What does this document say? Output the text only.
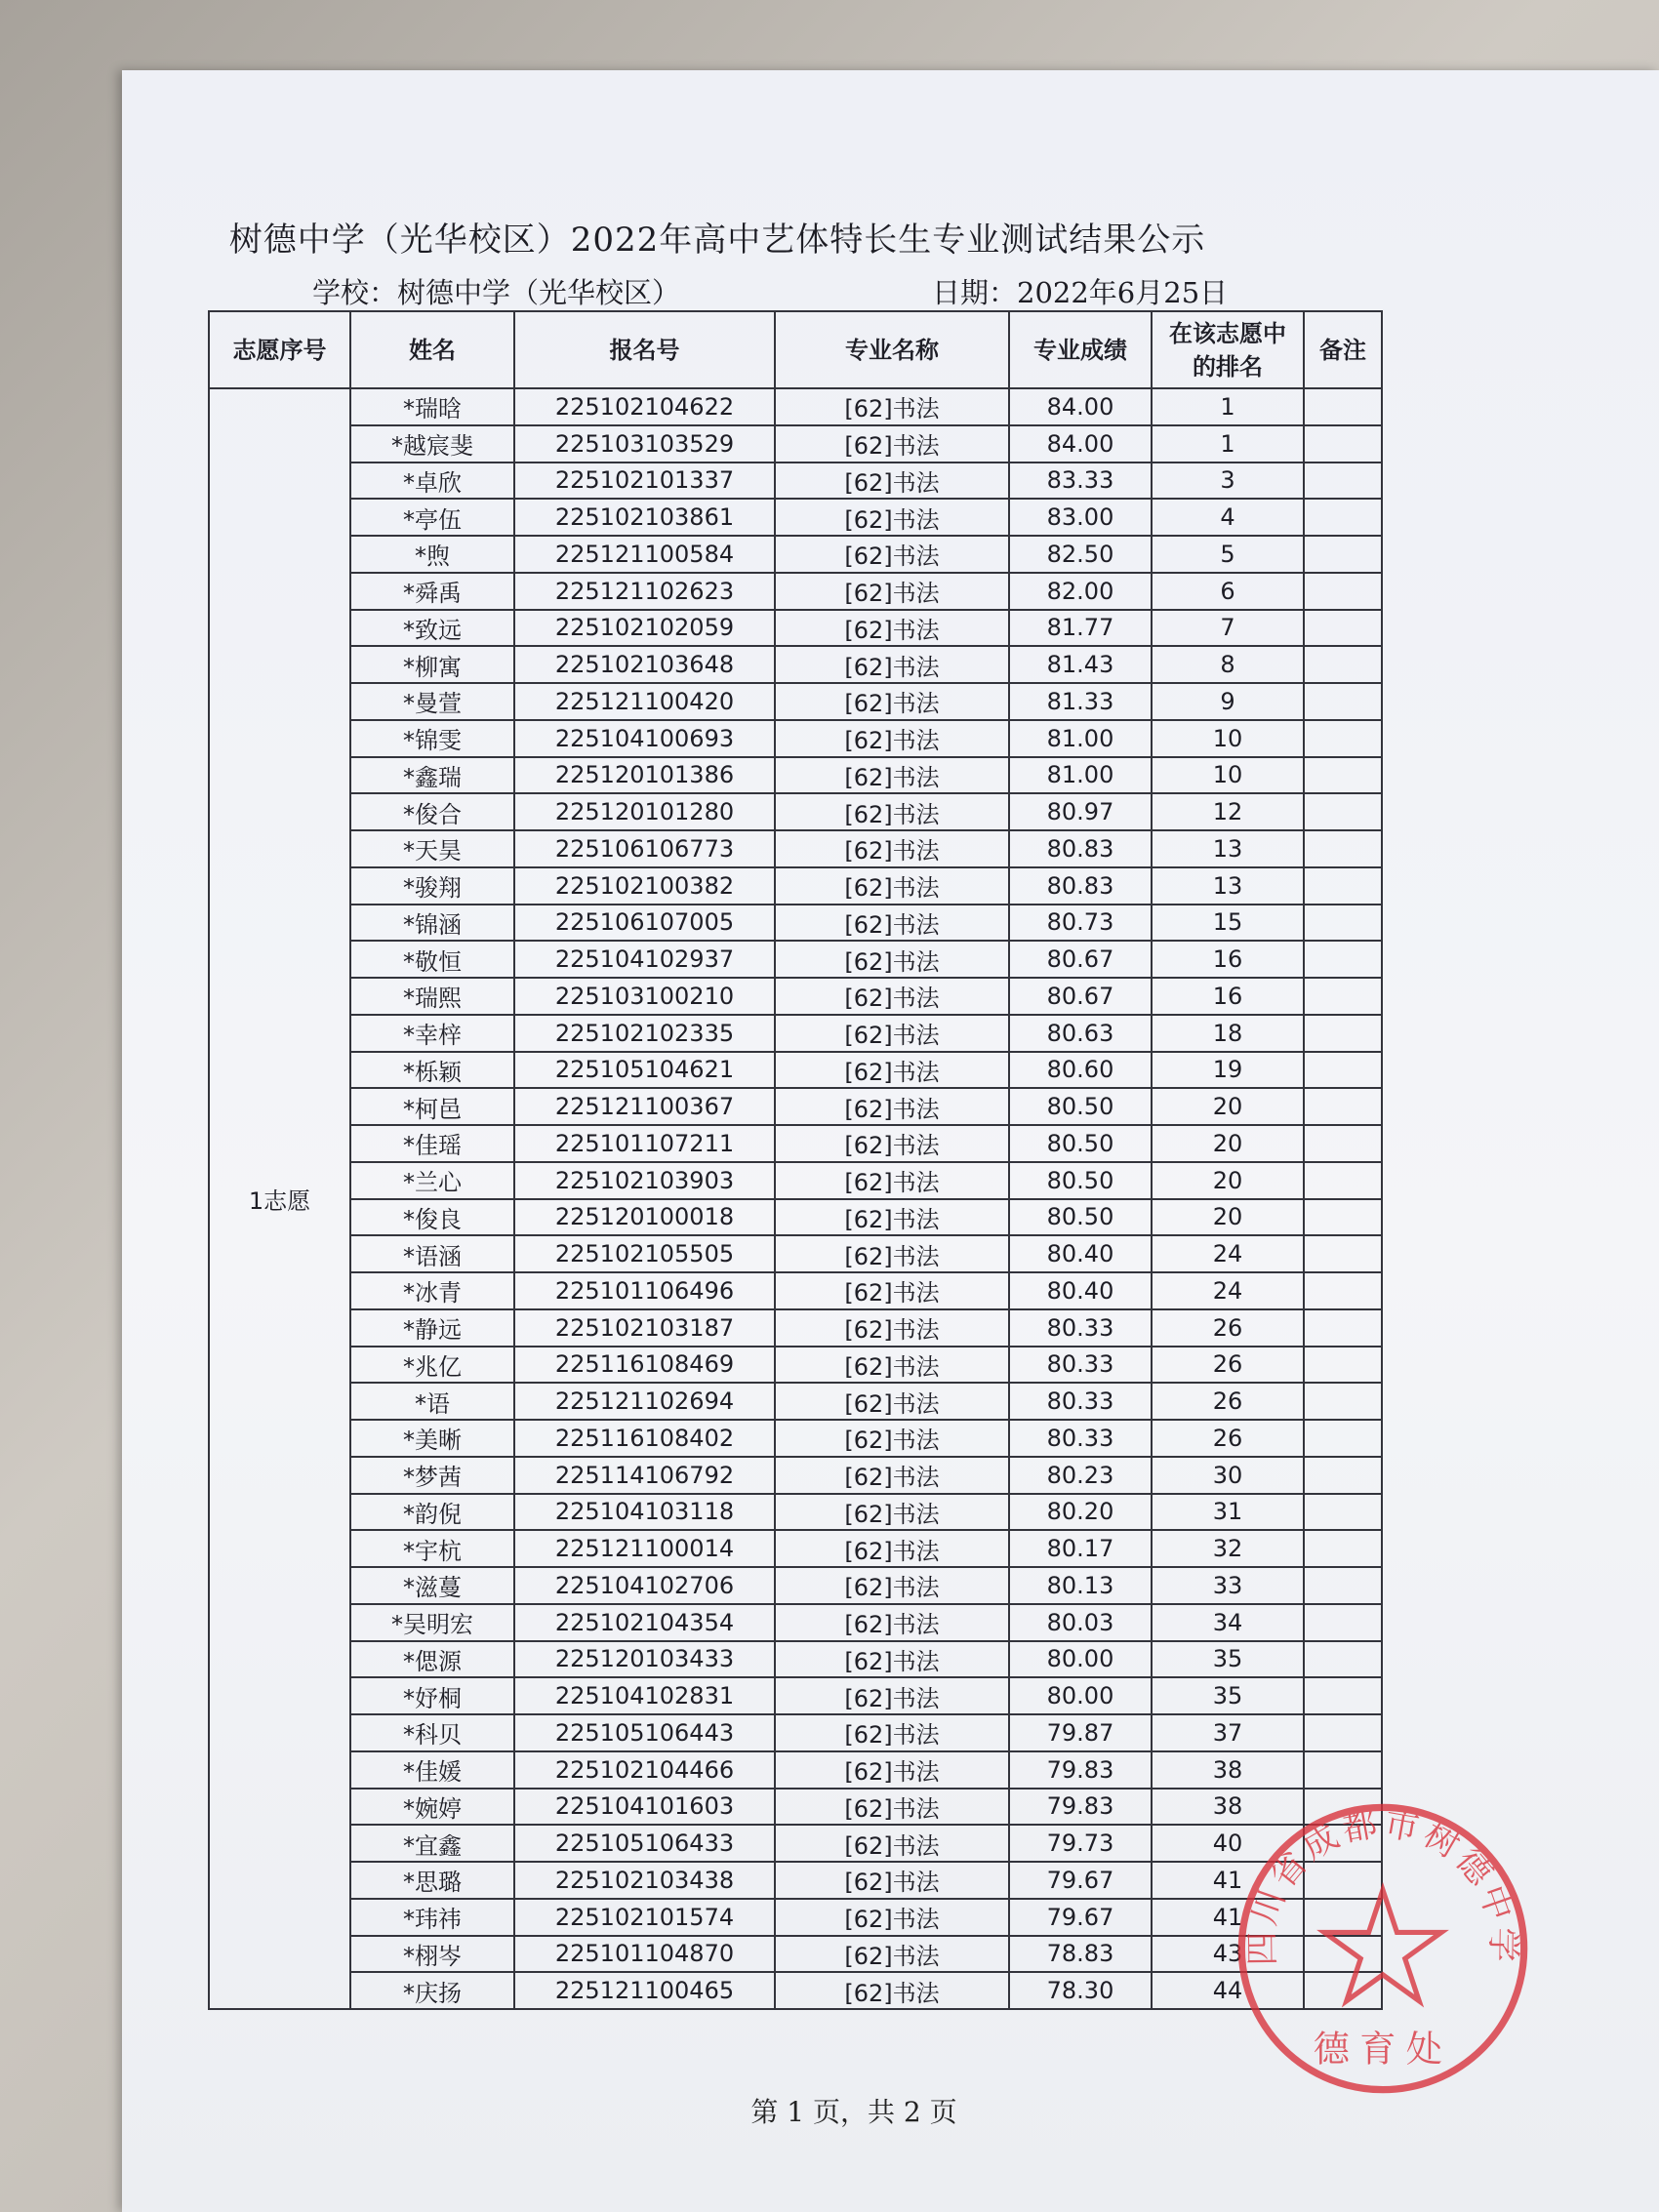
树德中学（光华校区）2022年高中艺体特长生专业测试结果公示
学校：树德中学（光华校区）	日期：2022年6月25日
志愿序号	姓名	报名号	专业名称	专业成绩	在该志愿中
的排名	备注
1志愿	*瑞晗	225102104622	[62]书法	84.00	1	
	*越宸斐	225103103529	[62]书法	84.00	1	
	*卓欣	225102101337	[62]书法	83.33	3	
	*亭伍	225102103861	[62]书法	83.00	4	
	*煦	225121100584	[62]书法	82.50	5	
	*舜禹	225121102623	[62]书法	82.00	6	
	*致远	225102102059	[62]书法	81.77	7	
	*柳寓	225102103648	[62]书法	81.43	8	
	*曼萱	225121100420	[62]书法	81.33	9	
	*锦雯	225104100693	[62]书法	81.00	10	
	*鑫瑞	225120101386	[62]书法	81.00	10	
	*俊合	225120101280	[62]书法	80.97	12	
	*天昊	225106106773	[62]书法	80.83	13	
	*骏翔	225102100382	[62]书法	80.83	13	
	*锦涵	225106107005	[62]书法	80.73	15	
	*敬恒	225104102937	[62]书法	80.67	16	
	*瑞熙	225103100210	[62]书法	80.67	16	
	*幸梓	225102102335	[62]书法	80.63	18	
	*栎颖	225105104621	[62]书法	80.60	19	
	*柯邑	225121100367	[62]书法	80.50	20	
	*佳瑶	225101107211	[62]书法	80.50	20	
	*兰心	225102103903	[62]书法	80.50	20	
	*俊良	225120100018	[62]书法	80.50	20	
	*语涵	225102105505	[62]书法	80.40	24	
	*冰青	225101106496	[62]书法	80.40	24	
	*静远	225102103187	[62]书法	80.33	26	
	*兆亿	225116108469	[62]书法	80.33	26	
	*语	225121102694	[62]书法	80.33	26	
	*美晰	225116108402	[62]书法	80.33	26	
	*梦茜	225114106792	[62]书法	80.23	30	
	*韵倪	225104103118	[62]书法	80.20	31	
	*宇杭	225121100014	[62]书法	80.17	32	
	*滋蔓	225104102706	[62]书法	80.13	33	
	*吴明宏	225102104354	[62]书法	80.03	34	
	*偲源	225120103433	[62]书法	80.00	35	
	*妤桐	225104102831	[62]书法	80.00	35	
	*科贝	225105106443	[62]书法	79.87	37	
	*佳媛	225102104466	[62]书法	79.83	38	
	*婉婷	225104101603	[62]书法	79.83	38	
	*宜鑫	225105106433	[62]书法	79.73	40	
	*思璐	225102103438	[62]书法	79.67	41	
	*玮祎	225102101574	[62]书法	79.67	41	
	*栩岑	225101104870	[62]书法	78.83	43	
	*庆扬	225121100465	[62]书法	78.30	44	
四川省成都市树德中学
德育处
第 1 页，共 2 页
